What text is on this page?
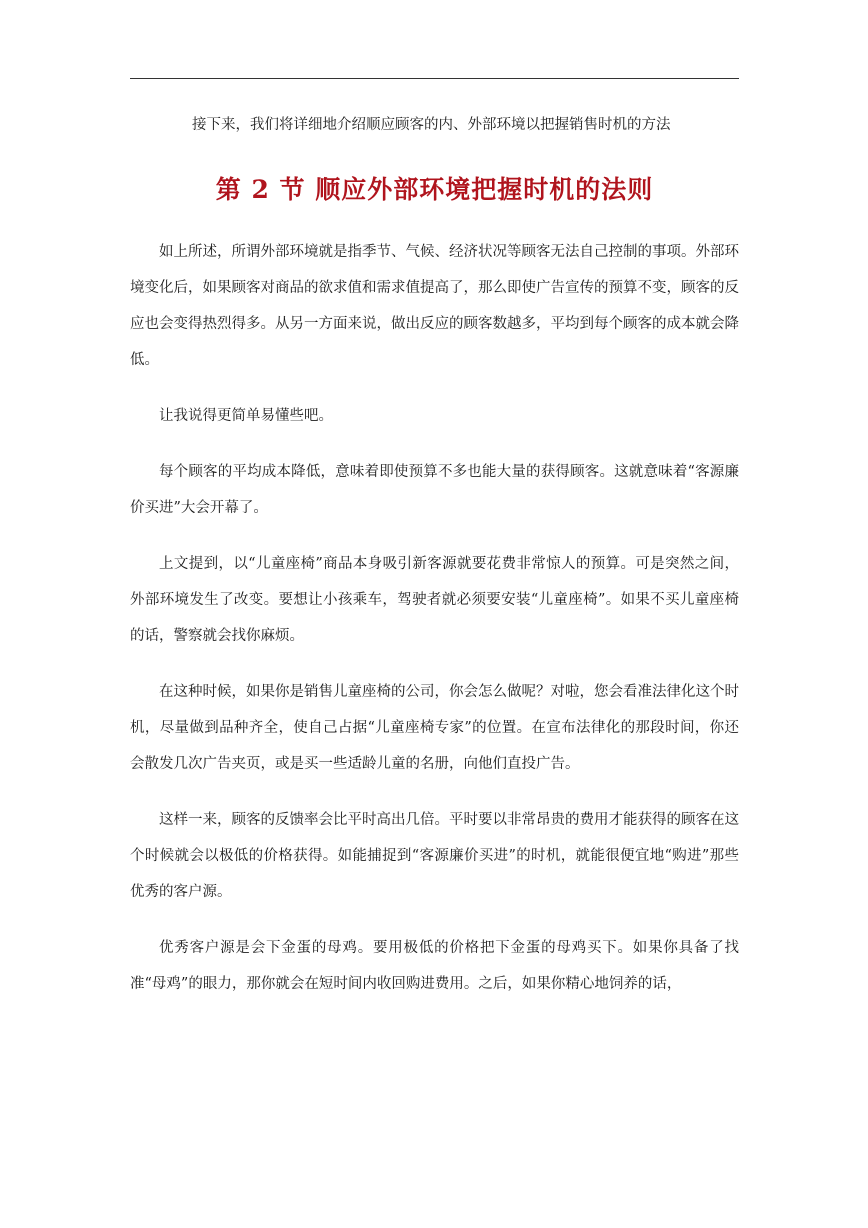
接下来，我们将详细地介绍顺应顾客的内、外部环境以把握销售时机的方法
第 2 节 顺应外部环境把握时机的法则

如上所述，所谓外部环境就是指季节、气候、经济状况等顾客无法自己控制的事项。外部环境变化后，如果顾客对商品的欲求值和需求值提高了，那么即使广告宣传的预算不变，顾客的反应也会变得热烈得多。从另一方面来说，做出反应的顾客数越多，平均到每个顾客的成本就会降低。

让我说得更简单易懂些吧。

每个顾客的平均成本降低，意味着即使预算不多也能大量的获得顾客。这就意味着“客源廉价买进”大会开幕了。

上文提到，以“儿童座椅”商品本身吸引新客源就要花费非常惊人的预算。可是突然之间，外部环境发生了改变。要想让小孩乘车，驾驶者就必须要安装“儿童座椅”。如果不买儿童座椅的话，警察就会找你麻烦。

在这种时候，如果你是销售儿童座椅的公司，你会怎么做呢？对啦，您会看准法律化这个时机，尽量做到品种齐全，使自己占据“儿童座椅专家”的位置。在宣布法律化的那段时间，你还会散发几次广告夹页，或是买一些适龄儿童的名册，向他们直投广告。

这样一来，顾客的反馈率会比平时高出几倍。平时要以非常昂贵的费用才能获得的顾客在这个时候就会以极低的价格获得。如能捕捉到“客源廉价买进”的时机，就能很便宜地“购进”那些优秀的客户源。

优秀客户源是会下金蛋的母鸡。要用极低的价格把下金蛋的母鸡买下。如果你具备了找准“母鸡”的眼力，那你就会在短时间内收回购进费用。之后，如果你精心地饲养的话，
